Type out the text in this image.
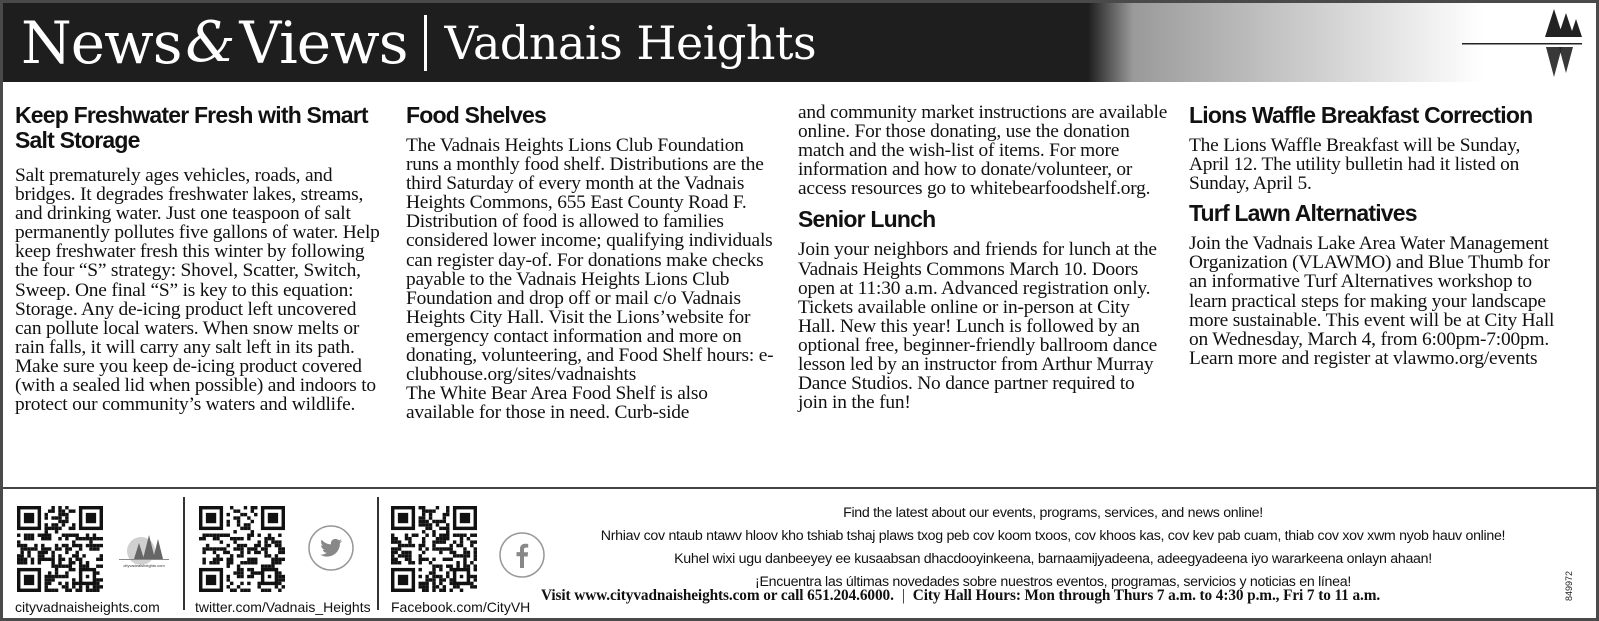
News & Views Vadnais Heights
Keep Freshwater Fresh with Smart Salt Storage

Salt prematurely ages vehicles, roads, and bridges. It degrades freshwater lakes, streams, and drinking water. Just one teaspoon of salt permanently pollutes five gallons of water. Help keep freshwater fresh this winter by following the four “S” strategy: Shovel, Scatter, Switch, Sweep. One final “S” is key to this equation: Storage. Any de-icing product left uncovered can pollute local waters. When snow melts or rain falls, it will carry any salt left in its path. Make sure you keep de-icing product covered (with a sealed lid when possible) and indoors to protect our community’s waters and wildlife.

Food Shelves

The Vadnais Heights Lions Club Foundation runs a monthly food shelf. Distributions are the third Saturday of every month at the Vadnais Heights Commons, 655 East County Road F. Distribution of food is allowed to families considered lower income; qualifying individuals can register day-of. For donations make checks payable to the Vadnais Heights Lions Club Foundation and drop off or mail c/o Vadnais Heights City Hall. Visit the Lions’website for emergency contact information and more on donating, volunteering, and Food Shelf hours: e-clubhouse.org/sites/vadnaishts

The White Bear Area Food Shelf is also available for those in need. Curb-side

and community market instructions are available online. For those donating, use the donation match and the wish-list of items. For more information and how to donate/volunteer, or access resources go to whitebearfoodshelf.org.

Senior Lunch

Join your neighbors and friends for lunch at the Vadnais Heights Commons March 10. Doors open at 11:30 a.m. Advanced registration only. Tickets available online or in-person at City Hall. New this year! Lunch is followed by an optional free, beginner-friendly ballroom dance lesson led by an instructor from Arthur Murray Dance Studios. No dance partner required to join in the fun!

Lions Waffle Breakfast Correction

The Lions Waffle Breakfast will be Sunday, April 12. The utility bulletin had it listed on Sunday, April 5.

Turf Lawn Alternatives

Join the Vadnais Lake Area Water Management Organization (VLAWMO) and Blue Thumb for an informative Turf Alternatives workshop to learn practical steps for making your landscape more sustainable. This event will be at City Hall on Wednesday, March 4, from 6:00pm-7:00pm. Learn more and register at vlawmo.org/events

cityvadnaisheights.com
cityvadnaisheights.com	twitter.com/Vadnais_Heights Facebook.com/CityVH
Find the latest about our events, programs, services, and news online!
Nrhiav cov ntaub ntawv hloov kho tshiab tshaj plaws txog peb cov koom txoos, cov khoos kas, cov kev pab cuam, thiab cov xov xwm nyob hauv online!
Kuhel wixi ugu danbeeyey ee kusaabsan dhacdooyinkeena, barnaamijyadeena, adeegyadeena iyo wararkeena onlayn ahaan!
¡Encuentra las últimas novedades sobre nuestros eventos, programas, servicios y noticias en línea!
Visit www.cityvadnaisheights.com or call 651.204.6000. | City Hall Hours: Mon through Thurs 7 a.m. to 4:30 p.m., Fri 7 to 11 a.m.	849972
